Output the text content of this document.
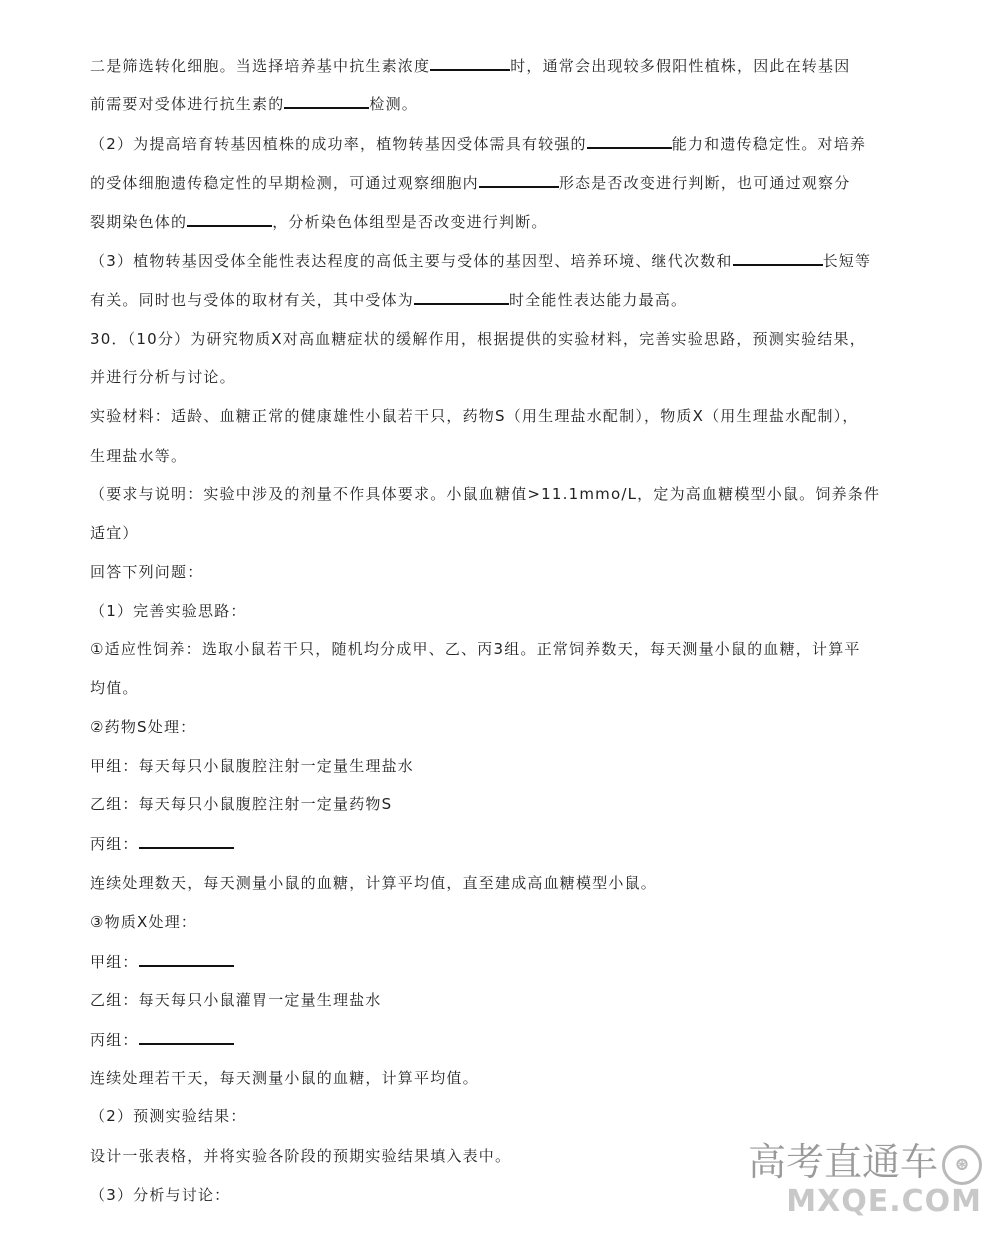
二是筛选转化细胞。当选择培养基中抗生素浓度	时，通常会出现较多假阳性植株，因此在转基因
前需要对受体进行抗生素的	检测。
（2）为提高培育转基因植株的成功率，植物转基因受体需具有较强的	能力和遗传稳定性。对培养
的受体细胞遗传稳定性的早期检测，可通过观察细胞内	形态是否改变进行判断，也可通过观察分
裂期染色体的	，分析染色体组型是否改变进行判断。
（3）植物转基因受体全能性表达程度的高低主要与受体的基因型、培养环境、继代次数和	长短等
有关。同时也与受体的取材有关，其中受体为	时全能性表达能力最高。
30．（10分）为研究物质X对高血糖症状的缓解作用，根据提供的实验材料，完善实验思路，预测实验结果，
并进行分析与讨论。
实验材料：适龄、血糖正常的健康雄性小鼠若干只，药物S（用生理盐水配制），物质X（用生理盐水配制），
生理盐水等。
（要求与说明：实验中涉及的剂量不作具体要求。小鼠血糖值>11.1mmo/L，定为高血糖模型小鼠。饲养条件
适宜）
回答下列问题：
（1）完善实验思路：
①适应性饲养：选取小鼠若干只，随机均分成甲、乙、丙3组。正常饲养数天，每天测量小鼠的血糖，计算平
均值。
②药物S处理：
甲组：每天每只小鼠腹腔注射一定量生理盐水
乙组：每天每只小鼠腹腔注射一定量药物S
丙组：
连续处理数天，每天测量小鼠的血糖，计算平均值，直至建成高血糖模型小鼠。
③物质X处理：
甲组：
乙组：每天每只小鼠灌胃一定量生理盐水
丙组：
连续处理若干天，每天测量小鼠的血糖，计算平均值。
（2）预测实验结果：
设计一张表格，并将实验各阶段的预期实验结果填入表中。
（3）分析与讨论：
高考直通车 ⊛
MXQE.COM
